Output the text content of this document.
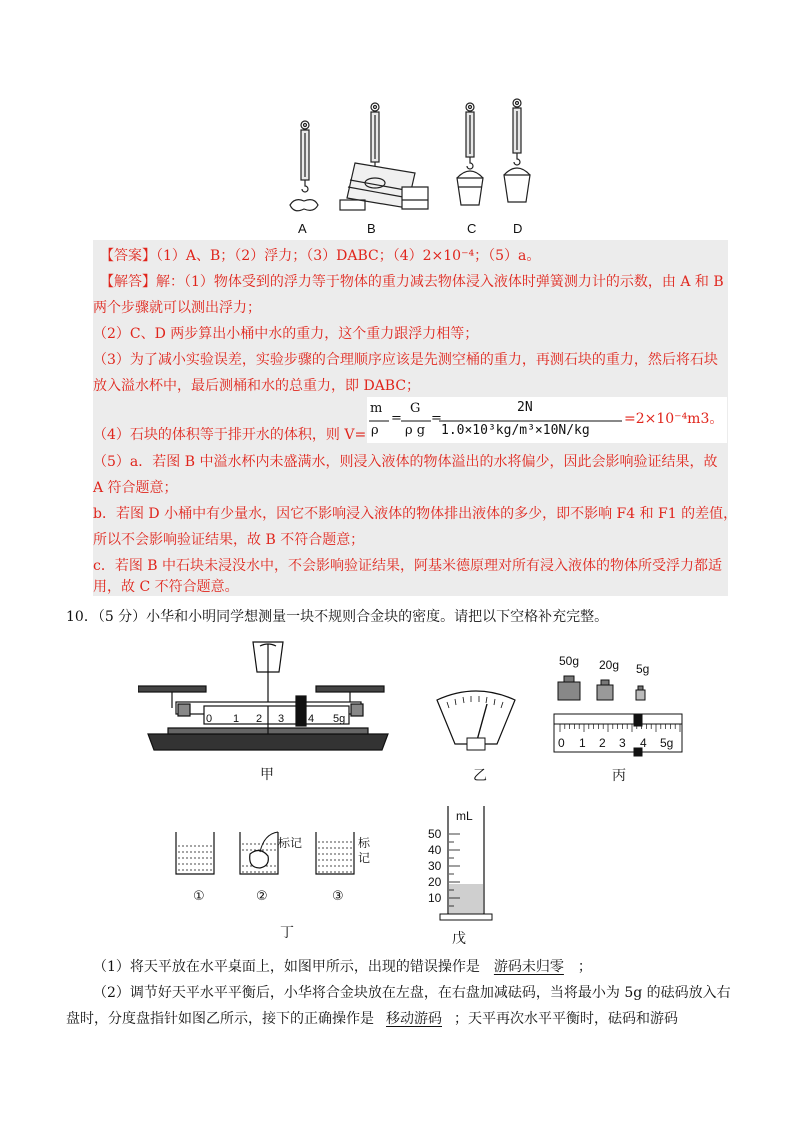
A	B	C	D
【答案】（1）A、B；（2）浮力；（3）DABC；（4）2×10⁻⁴；（5）a。
【解答】解：（1）物体受到的浮力等于物体的重力减去物体浸入液体时弹簧测力计的示数，由 A 和 B
两个步骤就可以测出浮力；
（2）C、D 两步算出小桶中水的重力，这个重力跟浮力相等；
（3）为了减小实验误差，实验步骤的合理顺序应该是先测空桶的重力，再测石块的重力，然后将石块
放入溢水杯中，最后测桶和水的总重力，即 DABC；
（4）石块的体积等于排开水的体积，则 V=
m
ρ
=
G
ρ g
=
2N
1.0×10³kg/m³×10N/kg
=2×10⁻⁴m3。
（5）a．若图 B 中溢水杯内未盛满水，则浸入液体的物体溢出的水将偏少，因此会影响验证结果，故
A 符合题意；
b．若图 D 小桶中有少量水，因它不影响浸入液体的物体排出液体的多少，即不影响 F4 和 F1 的差值，
所以不会影响验证结果，故 B 不符合题意；
c．若图 B 中石块未浸没水中，不会影响验证结果，阿基米德原理对所有浸入液体的物体所受浮力都适
用，故 C 不符合题意。
10．（5 分）小华和小明同学想测量一块不规则合金块的密度。请把以下空格补充完整。
0 1 2 3 4 5g
甲	乙
50g 20g 5g
0 1 2 3 4 5g
丙
标记	标
记
①	②	③
丁
mL
50
40
30
20
10
戊
（1）将天平放在水平桌面上，如图甲所示，出现的错误操作是 游码未归零 ；
（2）调节好天平水平平衡后，小华将合金块放在左盘，在右盘加减砝码，当将最小为 5g 的砝码放入右
盘时，分度盘指针如图乙所示，接下的正确操作是 移动游码 ；天平再次水平平衡时，砝码和游码
